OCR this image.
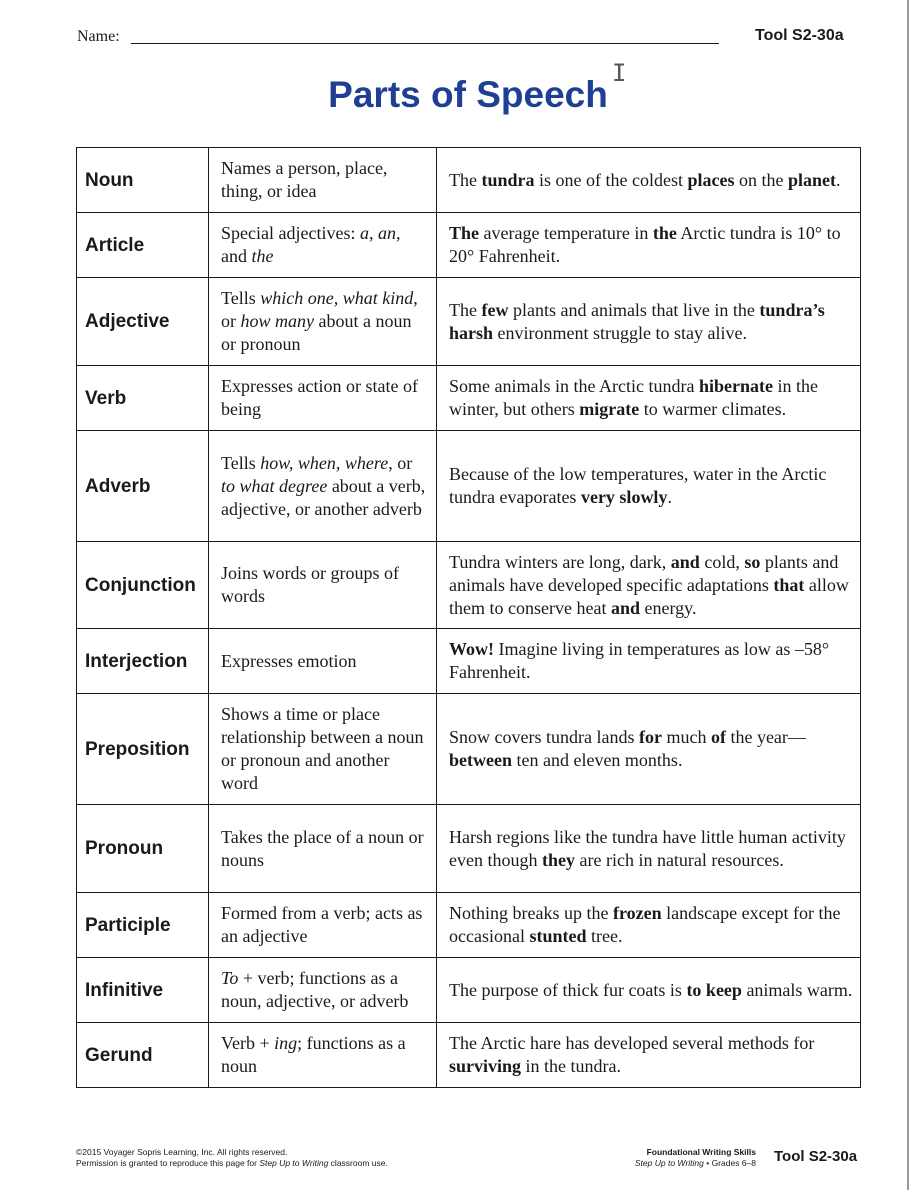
Name:	Tool S2-30a
Parts of Speech
I
Noun	Names a person, place, thing, or idea	The tundra is one of the coldest places on the planet.
Article	Special adjectives: a, an, and the	The average temperature in the Arctic tundra is 10° to 20° Fahrenheit.
Adjective	Tells which one, what kind, or how many about a noun or pronoun	The few plants and animals that live in the tundra’s harsh environment struggle to stay alive.
Verb	Expresses action or state of being	Some animals in the Arctic tundra hibernate in the winter, but others migrate to warmer climates.
Adverb	Tells how, when, where, or to what degree about a verb, adjective, or another adverb	Because of the low temperatures, water in the Arctic tundra evaporates very slowly.
Conjunction	Joins words or groups of words	Tundra winters are long, dark, and cold, so plants and animals have developed specific adaptations that allow them to conserve heat and energy.
Interjection	Expresses emotion	Wow! Imagine living in temperatures as low as –58° Fahrenheit.
Preposition	Shows a time or place relationship between a noun or pronoun and another word	Snow covers tundra lands for much of the year—between ten and eleven months.
Pronoun	Takes the place of a noun or nouns	Harsh regions like the tundra have little human activity even though they are rich in natural resources.
Participle	Formed from a verb; acts as an adjective	Nothing breaks up the frozen landscape except for the occasional stunted tree.
Infinitive	To + verb; functions as a noun, adjective, or adverb	The purpose of thick fur coats is to keep animals warm.
Gerund	Verb + ing; functions as a noun	The Arctic hare has developed several methods for surviving in the tundra.
©2015 Voyager Sopris Learning, Inc. All rights reserved.
Permission is granted to reproduce this page for Step Up to Writing classroom use.
Foundational Writing Skills
Step Up to Writing • Grades 6–8 Tool S2-30a
